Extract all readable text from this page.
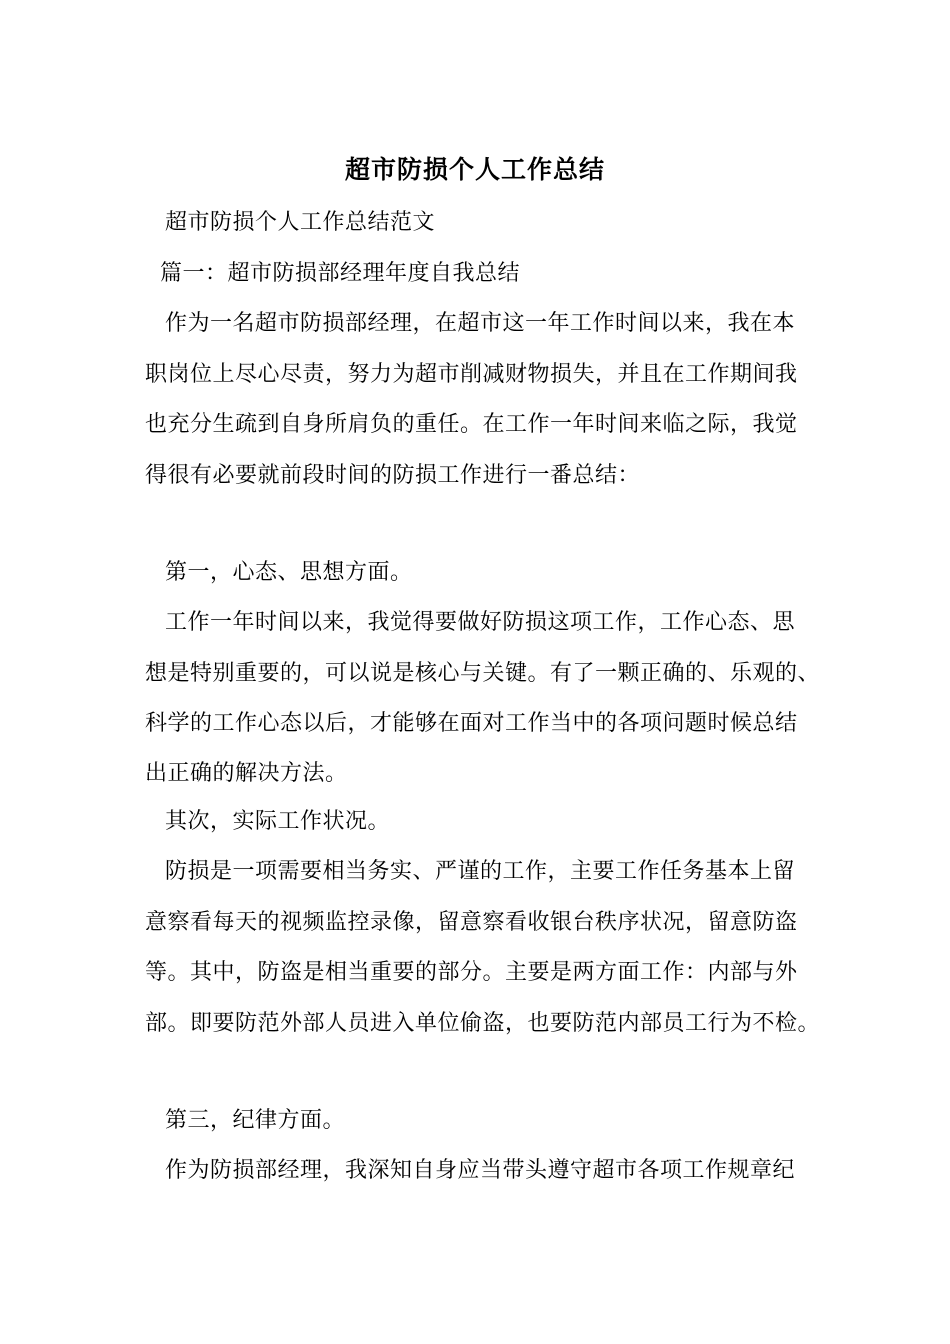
超市防损个人工作总结
超市防损个人工作总结范文
篇一：超市防损部经理年度自我总结
作为一名超市防损部经理，在超市这一年工作时间以来，我在本
职岗位上尽心尽责，努力为超市削减财物损失，并且在工作期间我
也充分生疏到自身所肩负的重任。在工作一年时间来临之际，我觉
得很有必要就前段时间的防损工作进行一番总结：
第一，心态、思想方面。
工作一年时间以来，我觉得要做好防损这项工作，工作心态、思
想是特别重要的，可以说是核心与关键。有了一颗正确的、乐观的、
科学的工作心态以后，才能够在面对工作当中的各项问题时候总结
出正确的解决方法。
其次，实际工作状况。
防损是一项需要相当务实、严谨的工作，主要工作任务基本上留
意察看每天的视频监控录像，留意察看收银台秩序状况，留意防盗
等。其中，防盗是相当重要的部分。主要是两方面工作：内部与外
部。即要防范外部人员进入单位偷盗，也要防范内部员工行为不检。
第三，纪律方面。
作为防损部经理，我深知自身应当带头遵守超市各项工作规章纪
